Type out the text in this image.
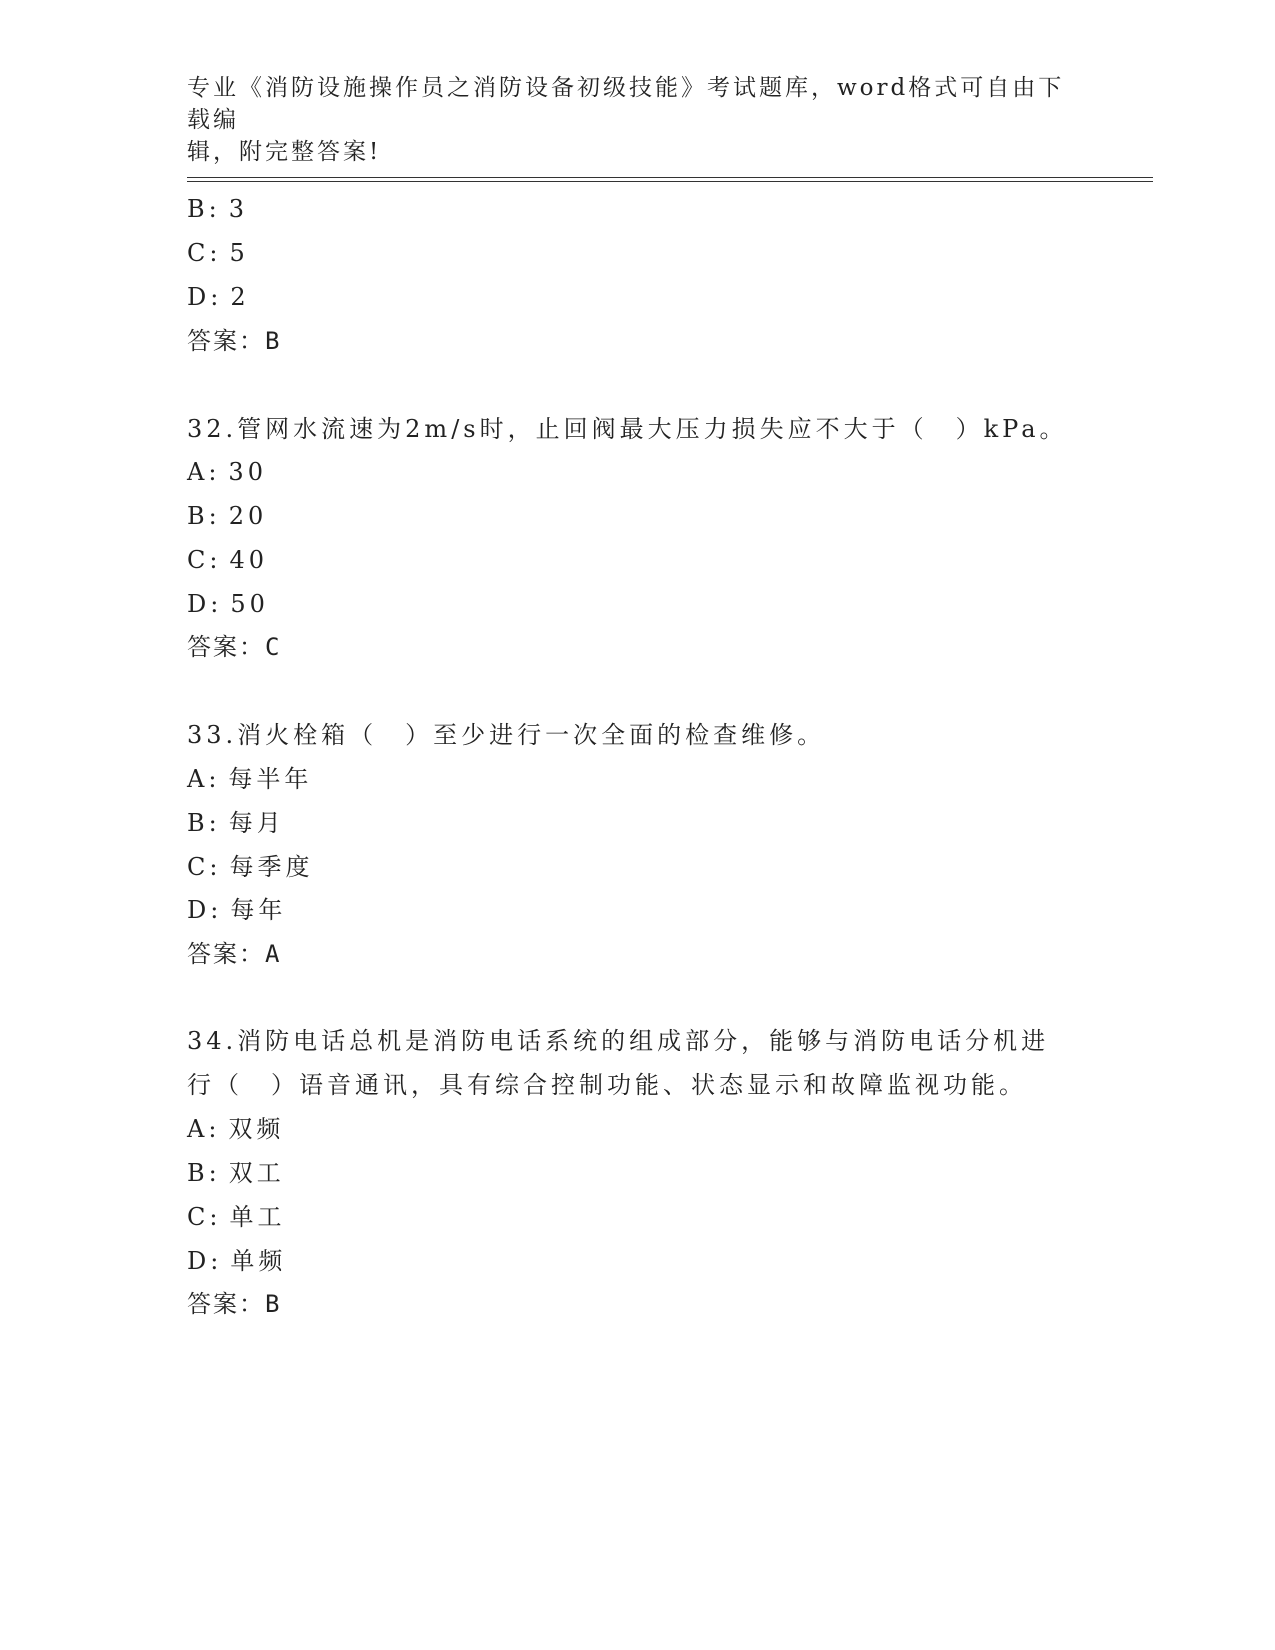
专业《消防设施操作员之消防设备初级技能》考试题库，word格式可自由下载编
辑，附完整答案!
B: 3
C: 5
D: 2
答案：B
32.管网水流速为2m/s时，止回阀最大压力损失应不大于（　）kPa。
A: 30
B: 20
C: 40
D: 50
答案：C
33.消火栓箱（　）至少进行一次全面的检查维修。
A: 每半年
B: 每月
C: 每季度
D: 每年
答案：A
34.消防电话总机是消防电话系统的组成部分，能够与消防电话分机进
行（　）语音通讯，具有综合控制功能、状态显示和故障监视功能。
A: 双频
B: 双工
C: 单工
D: 单频
答案：B
